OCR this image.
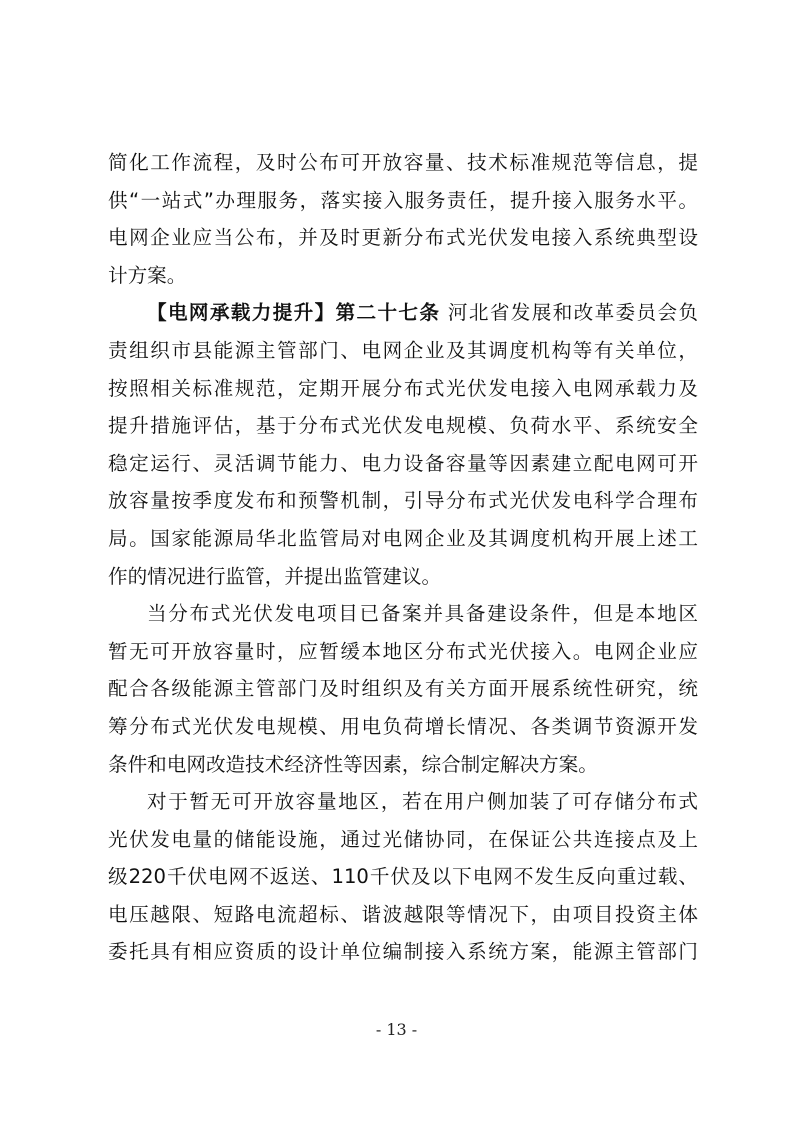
简化工作流程，及时公布可开放容量、技术标准规范等信息，提
供“一站式”办理服务，落实接入服务责任，提升接入服务水平。
电网企业应当公布，并及时更新分布式光伏发电接入系统典型设
计方案。
【电网承载力提升】第二十七条 河北省发展和改革委员会负
责组织市县能源主管部门、电网企业及其调度机构等有关单位，
按照相关标准规范，定期开展分布式光伏发电接入电网承载力及
提升措施评估，基于分布式光伏发电规模、负荷水平、系统安全
稳定运行、灵活调节能力、电力设备容量等因素建立配电网可开
放容量按季度发布和预警机制，引导分布式光伏发电科学合理布
局。国家能源局华北监管局对电网企业及其调度机构开展上述工
作的情况进行监管，并提出监管建议。
当分布式光伏发电项目已备案并具备建设条件，但是本地区
暂无可开放容量时，应暂缓本地区分布式光伏接入。电网企业应
配合各级能源主管部门及时组织及有关方面开展系统性研究，统
筹分布式光伏发电规模、用电负荷增长情况、各类调节资源开发
条件和电网改造技术经济性等因素，综合制定解决方案。
对于暂无可开放容量地区，若在用户侧加装了可存储分布式
光伏发电量的储能设施，通过光储协同，在保证公共连接点及上
级220千伏电网不返送、110千伏及以下电网不发生反向重过载、
电压越限、短路电流超标、谐波越限等情况下，由项目投资主体
委托具有相应资质的设计单位编制接入系统方案，能源主管部门
- 13 -
